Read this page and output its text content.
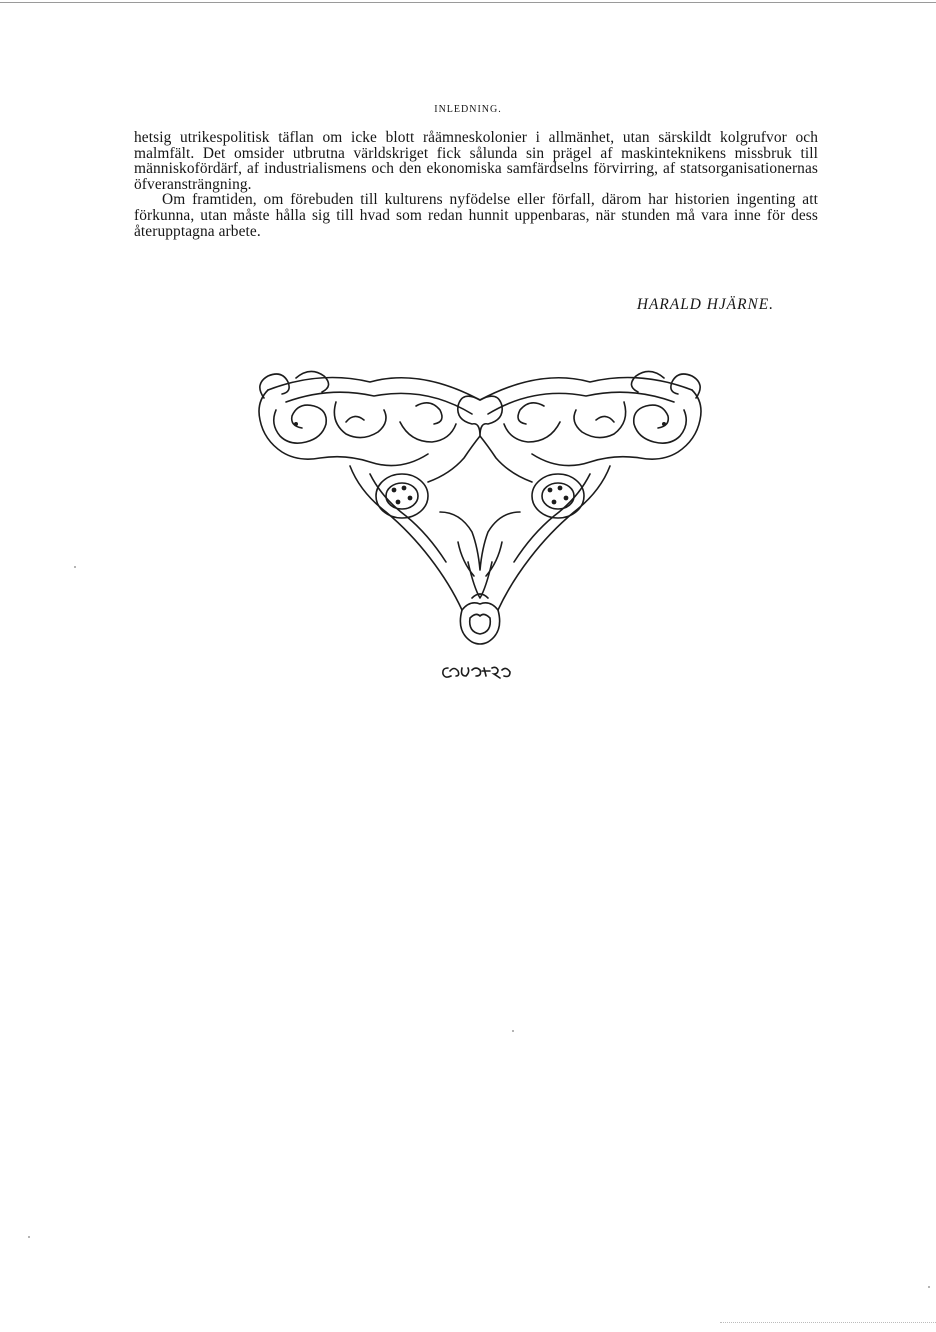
INLEDNING.

hetsig utrikespolitisk täflan om icke blott råämneskolonier i allmänhet, utan särskildt kolgrufvor och malmfält. Det omsider utbrutna världskriget fick sålunda sin prägel af maskinteknikens missbruk till människofördärf, af industrialismens och den ekonomiska samfärdselns förvirring, af statsorganisationernas öfveransträngning.

Om framtiden, om förebuden till kulturens nyfödelse eller förfall, därom har historien ingenting att förkunna, utan måste hålla sig till hvad som redan hunnit uppenbaras, när stunden må vara inne för dess återupptagna arbete.

HARALD HJÄRNE.
